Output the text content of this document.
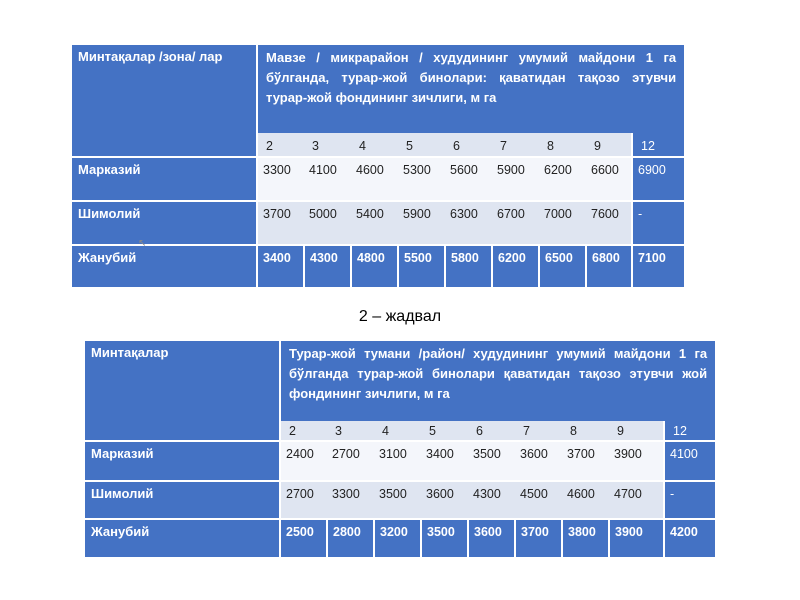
Минтақалар /зона/ лар	Мавзе / микрарайон / худудининг умумий майдони 1 га бўлганда, турар-жой бинолари: қаватидан тақозо этувчи турар-жой фондининг зичлиги, м га								
	2	3	4	5	6	7	8	9	12
Марказий	3300	4100	4600	5300	5600	5900	6200	6600	6900
Шимолий	3700	5000	5400	5900	6300	6700	7000	7600	-
Жанубий	3400	4300	4800	5500	5800	6200	6500	6800	7100
↖
2 – жадвал
Минтақалар	Турар-жой тумани /район/ худудининг умумий майдони 1 га бўлганда турар-жой бинолари қаватидан тақозо этувчи жой фондининг зичлиги, м га								
	2	3	4	5	6	7	8	9	12
Марказий	2400	2700	3100	3400	3500	3600	3700	3900	4100
Шимолий	2700	3300	3500	3600	4300	4500	4600	4700	-
Жанубий	2500	2800	3200	3500	3600	3700	3800	3900	4200
